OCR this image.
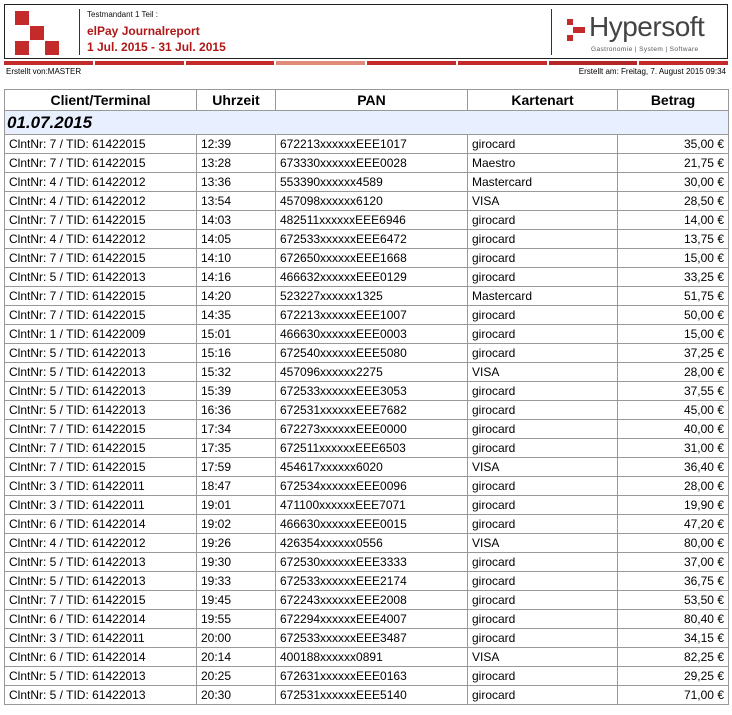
Testmandant 1 Teil :
elPay Journalreport
1 Jul. 2015 - 31 Jul. 2015
Hypersoft
Gastronomie | System | Software
Erstellt von:MASTER	Erstellt am: Freitag, 7. August 2015 09:34
Client/Terminal	Uhrzeit	PAN	Kartenart	Betrag
01.07.2015				
ClntNr: 7 / TID: 61422015	12:39	672213xxxxxxEEE1017	girocard	35,00 €
ClntNr: 7 / TID: 61422015	13:28	673330xxxxxxEEE0028	Maestro	21,75 €
ClntNr: 4 / TID: 61422012	13:36	553390xxxxxx4589	Mastercard	30,00 €
ClntNr: 4 / TID: 61422012	13:54	457098xxxxxx6120	VISA	28,50 €
ClntNr: 7 / TID: 61422015	14:03	482511xxxxxxEEE6946	girocard	14,00 €
ClntNr: 4 / TID: 61422012	14:05	672533xxxxxxEEE6472	girocard	13,75 €
ClntNr: 7 / TID: 61422015	14:10	672650xxxxxxEEE1668	girocard	15,00 €
ClntNr: 5 / TID: 61422013	14:16	466632xxxxxxEEE0129	girocard	33,25 €
ClntNr: 7 / TID: 61422015	14:20	523227xxxxxx1325	Mastercard	51,75 €
ClntNr: 7 / TID: 61422015	14:35	672213xxxxxxEEE1007	girocard	50,00 €
ClntNr: 1 / TID: 61422009	15:01	466630xxxxxxEEE0003	girocard	15,00 €
ClntNr: 5 / TID: 61422013	15:16	672540xxxxxxEEE5080	girocard	37,25 €
ClntNr: 5 / TID: 61422013	15:32	457096xxxxxx2275	VISA	28,00 €
ClntNr: 5 / TID: 61422013	15:39	672533xxxxxxEEE3053	girocard	37,55 €
ClntNr: 5 / TID: 61422013	16:36	672531xxxxxxEEE7682	girocard	45,00 €
ClntNr: 7 / TID: 61422015	17:34	672273xxxxxxEEE0000	girocard	40,00 €
ClntNr: 7 / TID: 61422015	17:35	672511xxxxxxEEE6503	girocard	31,00 €
ClntNr: 7 / TID: 61422015	17:59	454617xxxxxx6020	VISA	36,40 €
ClntNr: 3 / TID: 61422011	18:47	672534xxxxxxEEE0096	girocard	28,00 €
ClntNr: 3 / TID: 61422011	19:01	471100xxxxxxEEE7071	girocard	19,90 €
ClntNr: 6 / TID: 61422014	19:02	466630xxxxxxEEE0015	girocard	47,20 €
ClntNr: 4 / TID: 61422012	19:26	426354xxxxxx0556	VISA	80,00 €
ClntNr: 5 / TID: 61422013	19:30	672530xxxxxxEEE3333	girocard	37,00 €
ClntNr: 5 / TID: 61422013	19:33	672533xxxxxxEEE2174	girocard	36,75 €
ClntNr: 7 / TID: 61422015	19:45	672243xxxxxxEEE2008	girocard	53,50 €
ClntNr: 6 / TID: 61422014	19:55	672294xxxxxxEEE4007	girocard	80,40 €
ClntNr: 3 / TID: 61422011	20:00	672533xxxxxxEEE3487	girocard	34,15 €
ClntNr: 6 / TID: 61422014	20:14	400188xxxxxx0891	VISA	82,25 €
ClntNr: 5 / TID: 61422013	20:25	672631xxxxxxEEE0163	girocard	29,25 €
ClntNr: 5 / TID: 61422013	20:30	672531xxxxxxEEE5140	girocard	71,00 €
